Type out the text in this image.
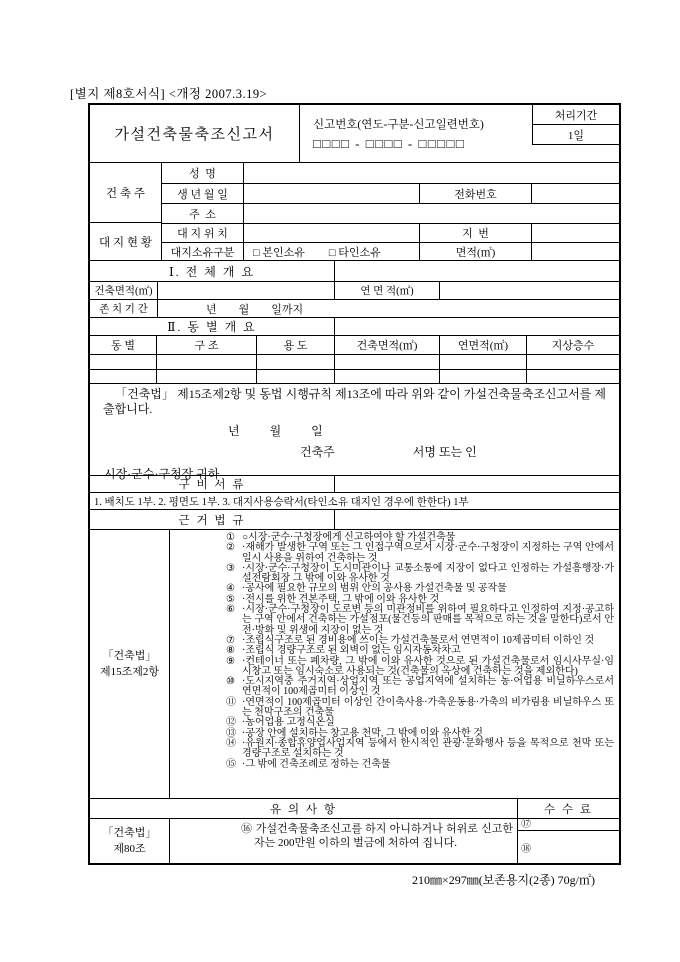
[별지 제8호서식] <개정 2007.3.19>
가설건축물축조신고서
신고번호(연도-구분-신고일련번호)
□□□□ - □□□□ - □□□□□
처리기간
1일
건 축 주
대 지 현 황
성  명
생 년 월 일	전화번호
주  소
대 지 위 치	지  번
대지소유구분	□ 본인소유 □ 타인소유	면적(㎡)
Ⅰ. 전 체 개 요
건축면적(㎡)	연 면 적(㎡)
존 치 기 간	년        월        일까지
Ⅱ. 동 별 개 요
동 별	구 조	용 도	건축면적(㎡)	연면적(㎡)	지상층수
「건축법」 제15조제2항 및 동법 시행규칙 제13조에 따라 위와 같이 가설건축물축조신고서를 제출합니다.
년          월          일
건축주	서명 또는 인
시장·군수·구청장 귀하
구 비 서 류
1. 배치도 1부. 2. 평면도 1부. 3. 대지사용승락서(타인소유 대지인 경우에 한한다) 1부
근 거 법 규
「건축법」
제15조제2항
① ○시장·군수·구청장에게 신고하여야 할 가설건축물
② ·재해가 발생한 구역 또는 그 인접구역으로서 시장·군수·구청장이 지정하는 구역 안에서 일시 사용을 위하여 건축하는 것
③ ·시장·군수·구청장이 도시미관이나 교통소통에 지장이 없다고 인정하는 가설흥행장·가설전람회장 그 밖에 이와 유사한 것
④ ·공사에 필요한 규모의 범위 안의 공사용 가설건축물 및 공작물
⑤ ·전시를 위한 견본주택, 그 밖에 이와 유사한 것
⑥ ·시장·군수·구청장이 도로변 등의 미관정비를 위하여 필요하다고 인정하여 지정·공고하는 구역 안에서 건축하는 가설점포(물건등의 판매를 목적으로 하는 것을 말한다)로서 안전·방화 및 위생에 지장이 없는 것
⑦ ·조립식구조로 된 경비용에 쓰이는 가설건축물로서 연면적이 10제곱미터 이하인 것
⑧ ·조립식 경량구조로 된 외벽이 없는 임시자동차차고
⑨ ·컨테이너 또는 폐차량, 그 밖에 이와 유사한 것으로 된 가설건축물로서 임시사무실·임시창고 또는 임시숙소로 사용되는 것(건축물의 옥상에 건축하는 것을 제외한다)
⑩ ·도시지역중 주거지역·상업지역 또는 공업지역에 설치하는 농·어업용 비닐하우스로서 연면적이 100제곱미터 이상인 것
⑪ ·연면적이 100제곱미터 이상인 간이축사용·가축운동용·가축의 비가림용 비닐하우스 또는 천막구조의 건축물
⑫ ·농어업용 고정식온실
⑬ ·공장 안에 설치하는 창고용 천막, 그 밖에 이와 유사한 것
⑭ ·유원지·종합휴양업사업지역 등에서 한시적인 관광·문화행사 등을 목적으로 천막 또는 경량구조로 설치하는 것
⑮ ·그 밖에 건축조례로 정하는 건축물
유 의 사 항	수 수 료
「건축법」
제80조
⑯ 가설건축물축조신고를 하지 아니하거나 허위로 신고한 자는 200만원 이하의 벌금에 처하여 집니다.
⑰
⑱
210㎜×297㎜(보존용지(2종) 70g/㎡)
